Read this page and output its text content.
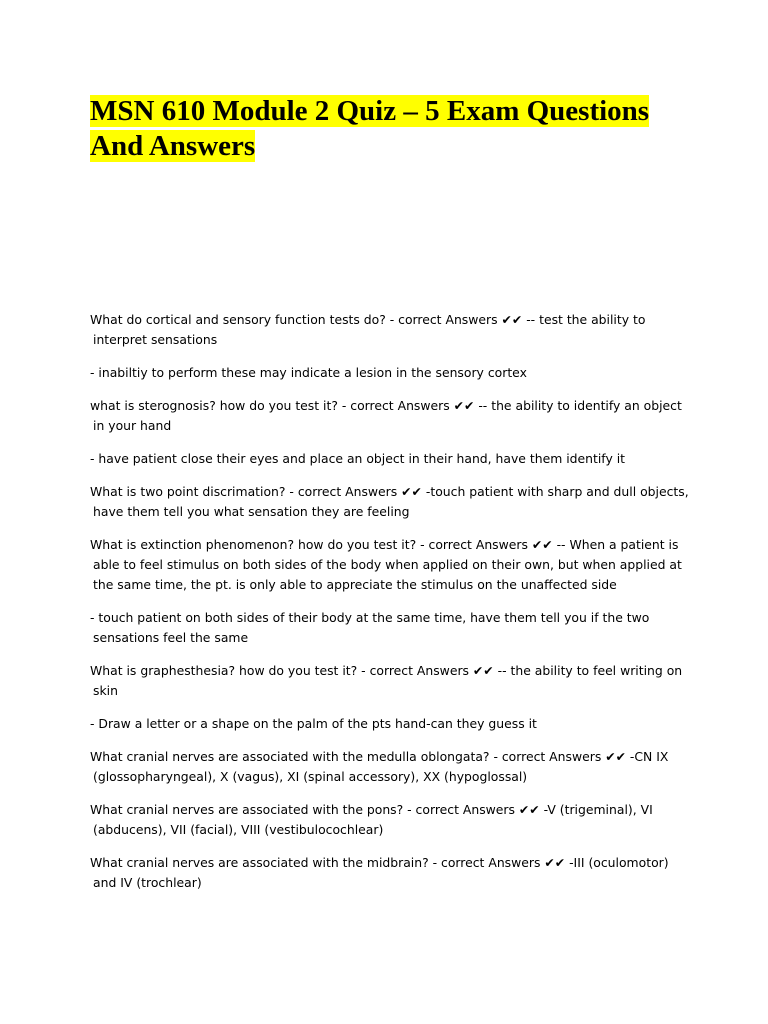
MSN 610 Module 2 Quiz – 5 Exam Questions
And Answers

What do cortical and sensory function tests do? - correct Answers ✔✔ -- test the ability to interpret sensations

- inabiltiy to perform these may indicate a lesion in the sensory cortex

what is sterognosis? how do you test it? - correct Answers ✔✔ -- the ability to identify an object in your hand

- have patient close their eyes and place an object in their hand, have them identify it

What is two point discrimation? - correct Answers ✔✔ -touch patient with sharp and dull objects, have them tell you what sensation they are feeling

What is extinction phenomenon? how do you test it? - correct Answers ✔✔ -- When a patient is able to feel stimulus on both sides of the body when applied on their own, but when applied at the same time, the pt. is only able to appreciate the stimulus on the unaffected side

- touch patient on both sides of their body at the same time, have them tell you if the two sensations feel the same

What is graphesthesia? how do you test it? - correct Answers ✔✔ -- the ability to feel writing on skin

- Draw a letter or a shape on the palm of the pts hand-can they guess it

What cranial nerves are associated with the medulla oblongata? - correct Answers ✔✔ -CN IX (glossopharyngeal), X (vagus), XI (spinal accessory), XX (hypoglossal)

What cranial nerves are associated with the pons? - correct Answers ✔✔ -V (trigeminal), VI (abducens), VII (facial), VIII (vestibulocochlear)

What cranial nerves are associated with the midbrain? - correct Answers ✔✔ -III (oculomotor) and IV (trochlear)
